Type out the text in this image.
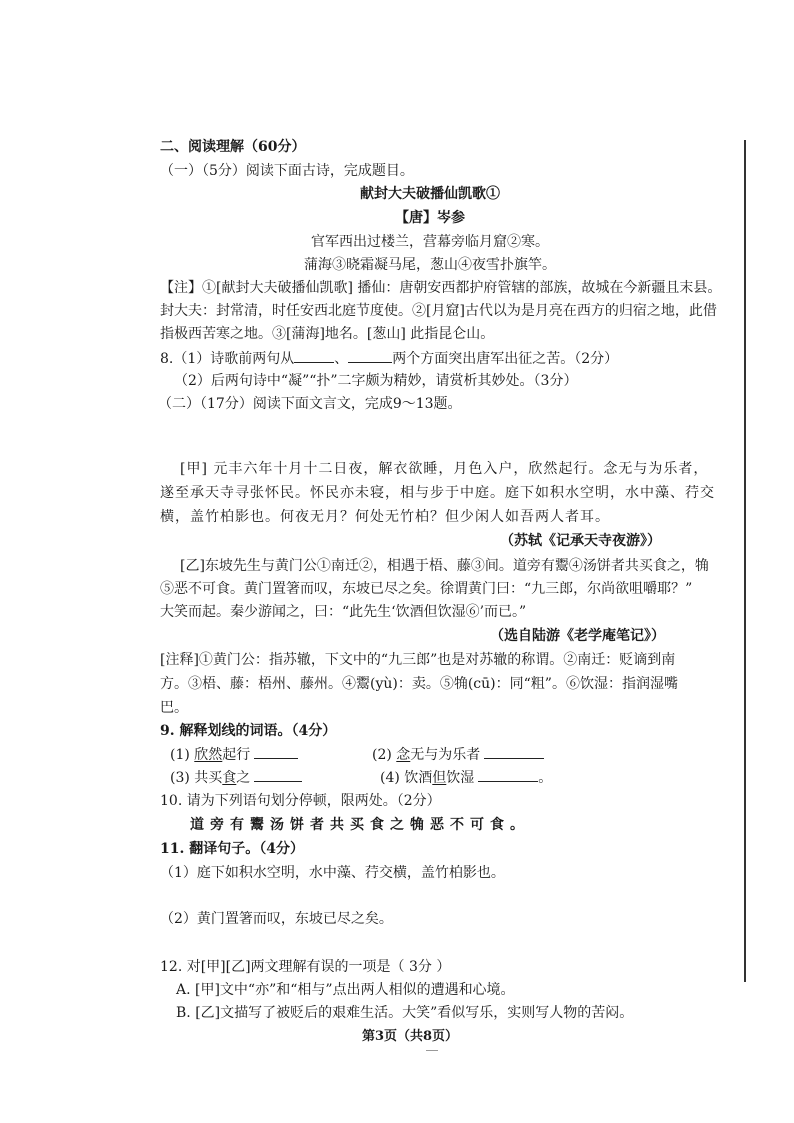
二、阅读理解（60分）
（一）（5分）阅读下面古诗，完成题目。
献封大夫破播仙凯歌①
【唐】岑参
官军西出过楼兰，营幕旁临月窟②寒。
蒲海③晓霜凝马尾，葱山④夜雪扑旗竿。
【注】①[献封大夫破播仙凯歌] 播仙：唐朝安西都护府管辖的部族，故城在今新疆且末县。
封大夫：封常清，时任安西北庭节度使。②[月窟]古代以为是月亮在西方的归宿之地，此借
指极西苦寒之地。③[蒲海]地名。[葱山] 此指昆仑山。
8.（1）诗歌前两句从	、	两个方面突出唐军出征之苦。（2分）
（2）后两句诗中“凝”“扑”二字颇为精妙，请赏析其妙处。（3分）
（二）（17分）阅读下面文言文，完成9～13题。
[甲] 元丰六年十月十二日夜，解衣欲睡，月色入户，欣然起行。念无与为乐者，
遂至承天寺寻张怀民。怀民亦未寝，相与步于中庭。庭下如积水空明，水中藻、荇交
横，盖竹柏影也。何夜无月？何处无竹柏？但少闲人如吾两人者耳。
（苏轼《记承天寺夜游》）
[乙]东坡先生与黄门公①南迁②，相遇于梧、藤③间。道旁有鬻④汤饼者共买食之，觕
⑤恶不可食。黄门置箸而叹，东坡已尽之矣。徐谓黄门曰：“九三郎，尔尚欲咀嚼耶？”
大笑而起。秦少游闻之，曰：“此先生‘饮酒但饮湿⑥’而已。”
（选自陆游《老学庵笔记》）
[注释]①黄门公：指苏辙，下文中的“九三郎”也是对苏辙的称谓。②南迁：贬谪到南
方。③梧、藤：梧州、藤州。④鬻(yù)：卖。⑤觕(cū)：同“粗”。⑥饮湿：指润湿嘴
巴。
9. 解释划线的词语。（4分）
(1) 欣然起行	(2) 念无与为乐者
(3) 共买食之	(4) 饮酒但饮湿	。
10. 请为下列语句划分停顿，限两处。（2分）
道旁有鬻汤饼者共买食之觕恶不可食。
11. 翻译句子。（4分）
（1）庭下如积水空明，水中藻、荇交横，盖竹柏影也。
（2）黄门置箸而叹，东坡已尽之矣。
12. 对[甲][乙]两文理解有误的一项是（ 3分 ）
A. [甲]文中“亦”和“相与”点出两人相似的遭遇和心境。
B. [乙]文描写了被贬后的艰难生活。大笑”看似写乐，实则写人物的苦闷。
第3页（共8页）
